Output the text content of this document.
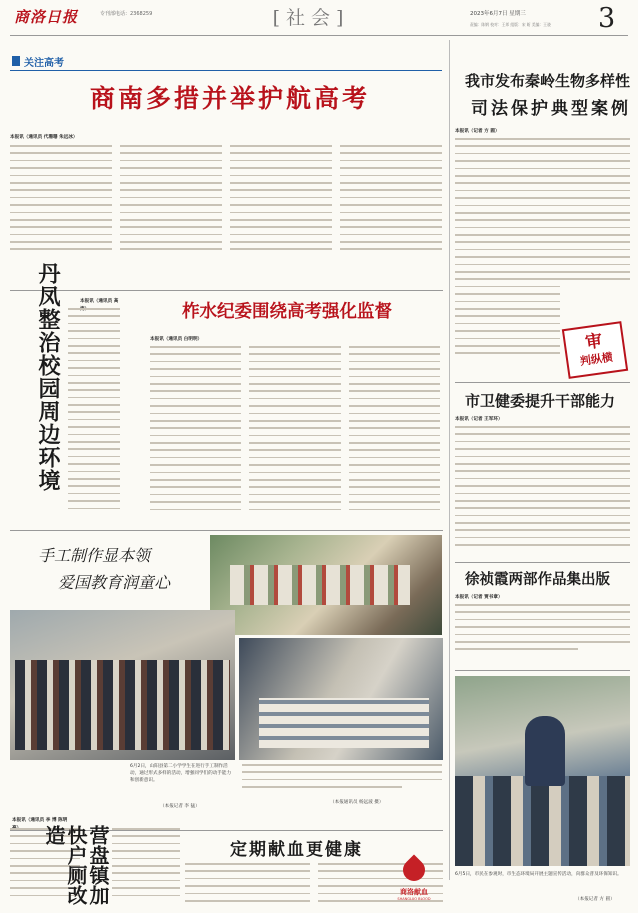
商洛日报	专刊部电话：2368259	[社会]	2023年6月7日 星期三
责编：陈钢 校对：王邦 组版：宋 昉 美编：王骁 3
关注高考
商南多措并举护航高考
本报讯（通讯员 代珊珊 朱远冰）
本报讯（通讯员 高
丹凤整治校园周边环境	柞水纪委围绕高考强化监督
本报讯（通讯员 白明明）
我市发布秦岭生物多样性
司法保护典型案例
本报讯（记者 方 圆）
审
判纵横
市卫健委提升干部能力
本报讯（记者 王军环）
徐祯霞两部作品集出版
本报讯（记者 贾书章）
手工制作显本领
爱国教育润童心
6月2日，山阳县第二小学学生在进行手工制作活动，通过形式多样的活动，增强同学们的动手能力和创新意识。
（本报记者 李 猛）
（本报通讯员 杨远波 摄）
本报讯（通讯员 李 博 陈明
营盘镇加快户厕改造
定期献血更健康
商洛献血
SHANGLUO BLOOD
6月5日，市民在参观时，市生态环境局开展主题宣传活动，向群众普及环保知识。
（本报记者 方 圆）
